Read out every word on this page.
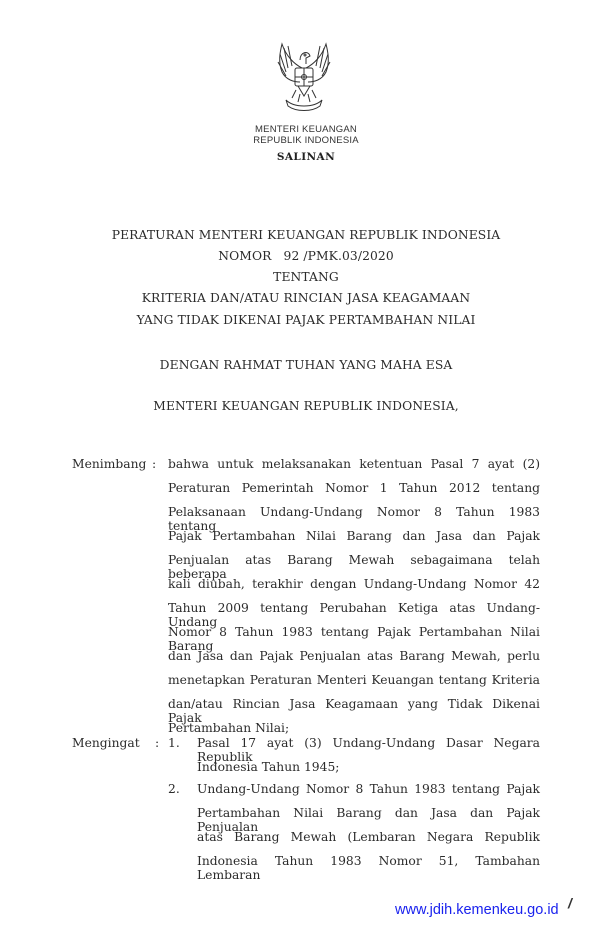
MENTERI KEUANGAN
REPUBLIK INDONESIA
SALINAN
PERATURAN MENTERI KEUANGAN REPUBLIK INDONESIA
NOMOR   92 /PMK.03/2020
TENTANG
KRITERIA DAN/ATAU RINCIAN JASA KEAGAMAAN
YANG TIDAK DIKENAI PAJAK PERTAMBAHAN NILAI
DENGAN RAHMAT TUHAN YANG MAHA ESA
MENTERI KEUANGAN REPUBLIK INDONESIA,
Menimbang : bahwa untuk melaksanakan ketentuan Pasal 7 ayat (2)
Peraturan Pemerintah Nomor 1 Tahun 2012 tentang
Pelaksanaan Undang-Undang Nomor 8 Tahun 1983 tentang
Pajak Pertambahan Nilai Barang dan Jasa dan Pajak
Penjualan atas Barang Mewah sebagaimana telah beberapa
kali diubah, terakhir dengan Undang-Undang Nomor 42
Tahun 2009 tentang Perubahan Ketiga atas Undang-Undang
Nomor 8 Tahun 1983 tentang Pajak Pertambahan Nilai Barang
dan Jasa dan Pajak Penjualan atas Barang Mewah, perlu
menetapkan Peraturan Menteri Keuangan tentang Kriteria
dan/atau Rincian Jasa Keagamaan yang Tidak Dikenai Pajak
Pertambahan Nilai;
Mengingat : 1. Pasal 17 ayat (3) Undang-Undang Dasar Negara Republik
Indonesia Tahun 1945;
2. Undang-Undang Nomor 8 Tahun 1983 tentang Pajak
Pertambahan Nilai Barang dan Jasa dan Pajak Penjualan
atas Barang Mewah (Lembaran Negara Republik
Indonesia Tahun 1983 Nomor 51, Tambahan Lembaran
www.jdih.kemenkeu.go.id /
